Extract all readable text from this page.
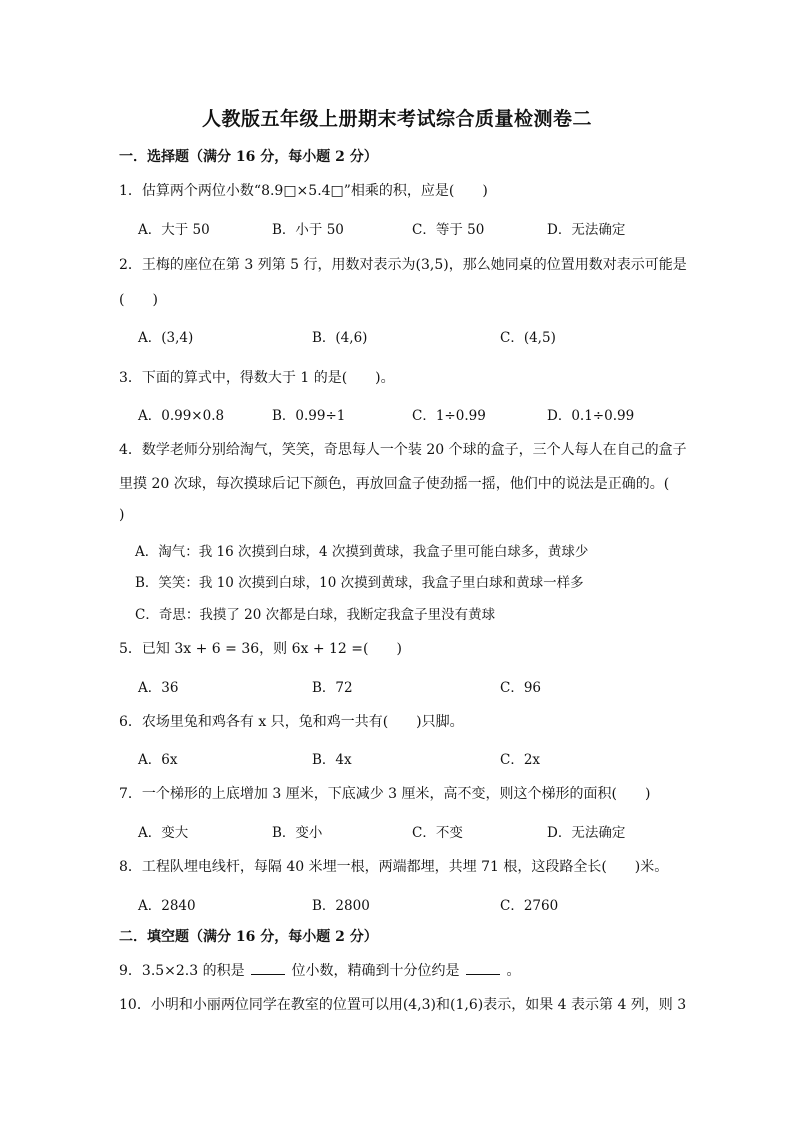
人教版五年级上册期末考试综合质量检测卷二
一．选择题（满分 16 分，每小题 2 分）
1．估算两个两位小数“8.9□×5.4□”相乘的积，应是(　　)
A．大于 50	B．小于 50	C．等于 50	D．无法确定
2．王梅的座位在第 3 列第 5 行，用数对表示为(3,5)，那么她同桌的位置用数对表示可能是
(　　)
A．(3,4)	B．(4,6)	C．(4,5)
3．下面的算式中，得数大于 1 的是(　　)。
A．0.99×0.8	B．0.99÷1	C．1÷0.99	D．0.1÷0.99
4．数学老师分别给淘气，笑笑，奇思每人一个装 20 个球的盒子，三个人每人在自己的盒子
里摸 20 次球，每次摸球后记下颜色，再放回盒子使劲摇一摇，他们中的说法是正确的。(
)
A．淘气：我 16 次摸到白球，4 次摸到黄球，我盒子里可能白球多，黄球少
B．笑笑：我 10 次摸到白球，10 次摸到黄球，我盒子里白球和黄球一样多
C．奇思：我摸了 20 次都是白球，我断定我盒子里没有黄球
5．已知 3x + 6 = 36，则 6x + 12 =(　　)
A．36	B．72	C．96
6．农场里兔和鸡各有 x 只，兔和鸡一共有(　　)只脚。
A．6x	B．4x	C．2x
7．一个梯形的上底增加 3 厘米，下底减少 3 厘米，高不变，则这个梯形的面积(　　)
A．变大	B．变小	C．不变	D．无法确定
8．工程队埋电线杆，每隔 40 米埋一根，两端都埋，共埋 71 根，这段路全长(　　)米。
A．2840	B．2800	C．2760
二．填空题（满分 16 分，每小题 2 分）
9．3.5×2.3 的积是	位小数，精确到十分位约是	。
10．小明和小丽两位同学在教室的位置可以用(4,3)和(1,6)表示，如果 4 表示第 4 列，则 3
